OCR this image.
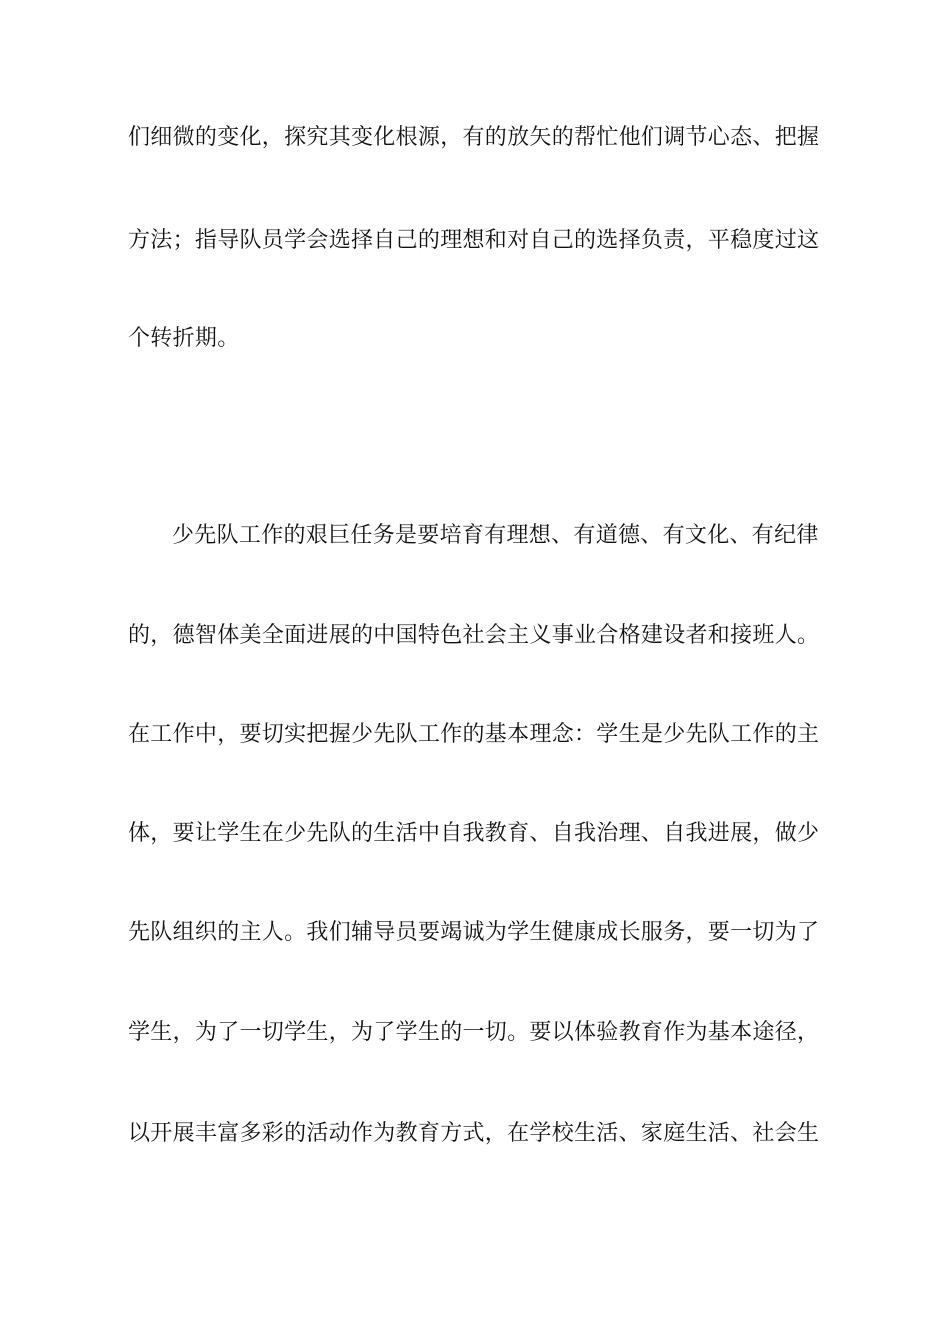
们细微的变化，探究其变化根源，有的放矢的帮忙他们调节心态、把握
方法；指导队员学会选择自己的理想和对自己的选择负责，平稳度过这
个转折期。
少先队工作的艰巨任务是要培育有理想、有道德、有文化、有纪律
的，德智体美全面进展的中国特色社会主义事业合格建设者和接班人。
在工作中，要切实把握少先队工作的基本理念：学生是少先队工作的主
体，要让学生在少先队的生活中自我教育、自我治理、自我进展，做少
先队组织的主人。我们辅导员要竭诚为学生健康成长服务，要一切为了
学生，为了一切学生，为了学生的一切。要以体验教育作为基本途径，
以开展丰富多彩的活动作为教育方式，在学校生活、家庭生活、社会生
